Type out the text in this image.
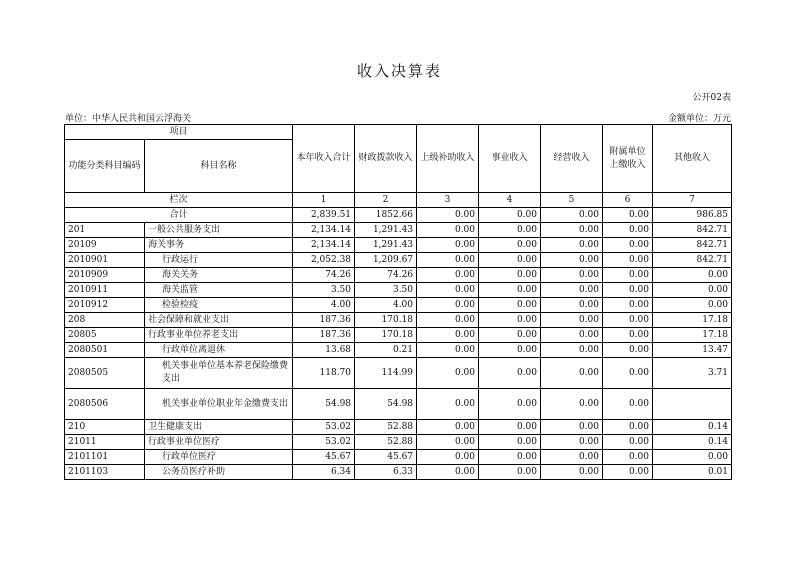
收入决算表
公开02表
单位：中华人民共和国云浮海关	金额单位：万元
项目		本年收入合计	财政拨款收入	上级补助收入	事业收入	经营收入	附属单位上缴收入	其他收入
功能分类科目编码	科目名称							
栏次		1	2	3	4	5	6	7
合计		2,839.51	1852.66	0.00	0.00	0.00	0.00	986.85
201	一般公共服务支出	2,134.14	1,291.43	0.00	0.00	0.00	0.00	842.71
20109	海关事务	2,134.14	1,291.43	0.00	0.00	0.00	0.00	842.71
2010901	行政运行	2,052.38	1,209.67	0.00	0.00	0.00	0.00	842.71
2010909	海关关务	74.26	74.26	0.00	0.00	0.00	0.00	0.00
2010911	海关监管	3.50	3.50	0.00	0.00	0.00	0.00	0.00
2010912	检验检疫	4.00	4.00	0.00	0.00	0.00	0.00	0.00
208	社会保障和就业支出	187.36	170.18	0.00	0.00	0.00	0.00	17.18
20805	行政事业单位养老支出	187.36	170.18	0.00	0.00	0.00	0.00	17.18
2080501	行政单位离退休	13.68	0.21	0.00	0.00	0.00	0.00	13.47
2080505	机关事业单位基本养老保险缴费支出	118.70	114.99	0.00	0.00	0.00	0.00	3.71
2080506	机关事业单位职业年金缴费支出	54.98	54.98	0.00	0.00	0.00	0.00	
210	卫生健康支出	53.02	52.88	0.00	0.00	0.00	0.00	0.14
21011	行政事业单位医疗	53.02	52.88	0.00	0.00	0.00	0.00	0.14
2101101	行政单位医疗	45.67	45.67	0.00	0.00	0.00	0.00	0.00
2101103	公务员医疗补助	6.34	6.33	0.00	0.00	0.00	0.00	0.01
